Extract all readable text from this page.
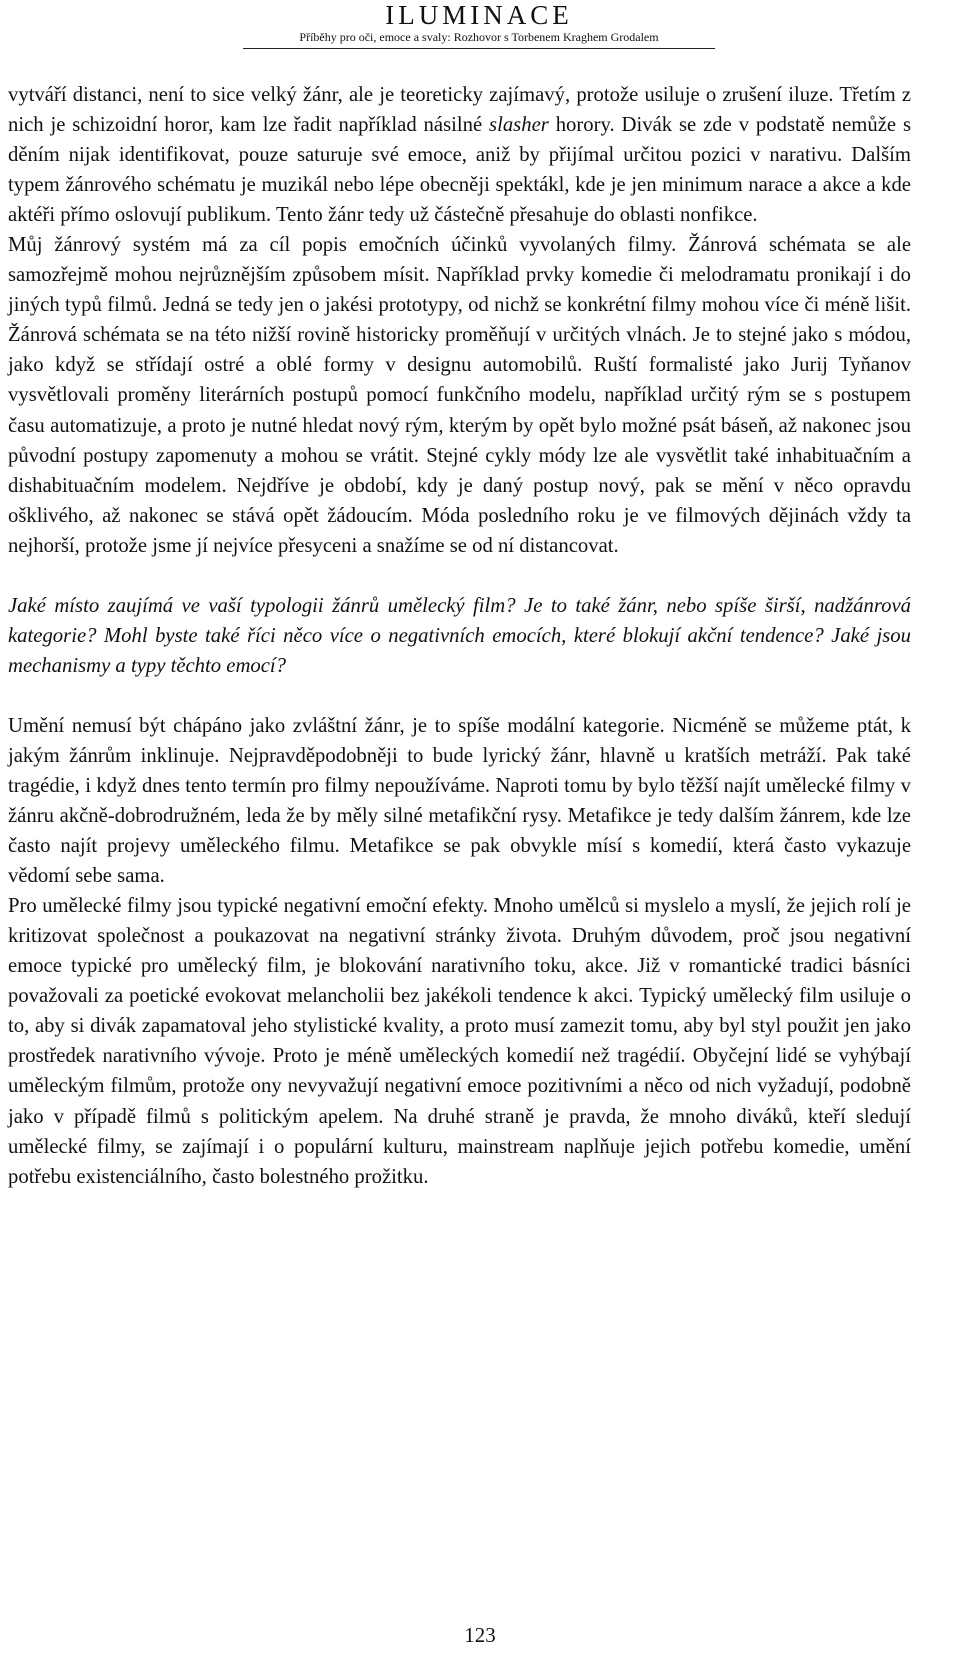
ILUMINACE
Příběhy pro oči, emoce a svaly: Rozhovor s Torbenem Kraghem Grodalem

vytváří distanci, není to sice velký žánr, ale je teoreticky zajímavý, protože usiluje o zrušení iluze. Třetím z nich je schizoidní horor, kam lze řadit například násilné slasher horory. Divák se zde v podstatě nemůže s děním nijak identifikovat, pouze saturuje své emoce, aniž by přijímal určitou pozici v narativu. Dalším typem žánrového schématu je muzikál nebo lépe obecněji spektákl, kde je jen minimum narace a akce a kde aktéři přímo oslovují publikum. Tento žánr tedy už částečně přesahuje do oblasti nonfikce.

Můj žánrový systém má za cíl popis emočních účinků vyvolaných filmy. Žánrová schémata se ale samozřejmě mohou nejrůznějším způsobem mísit. Například prvky komedie či melodramatu pronikají i do jiných typů filmů. Jedná se tedy jen o jakési prototypy, od nichž se konkrétní filmy mohou více či méně lišit. Žánrová schémata se na této nižší rovině historicky proměňují v určitých vlnách. Je to stejné jako s módou, jako když se střídají ostré a oblé formy v designu automobilů. Ruští formalisté jako Jurij Tyňanov vysvětlovali proměny literárních postupů pomocí funkčního modelu, například určitý rým se s postupem času automatizuje, a proto je nutné hledat nový rým, kterým by opět bylo možné psát báseň, až nakonec jsou původní postupy zapomenuty a mohou se vrátit. Stejné cykly módy lze ale vysvětlit také inhabituačním a dishabituačním modelem. Nejdříve je období, kdy je daný postup nový, pak se mění v něco opravdu ošklivého, až nakonec se stává opět žádoucím. Móda posledního roku je ve filmových dějinách vždy ta nejhorší, protože jsme jí nejvíce přesyceni a snažíme se od ní distancovat.

Jaké místo zaujímá ve vaší typologii žánrů umělecký film? Je to také žánr, nebo spíše širší, nadžánrová kategorie? Mohl byste také říci něco více o negativních emocích, které blokují akční tendence? Jaké jsou mechanismy a typy těchto emocí?

Umění nemusí být chápáno jako zvláštní žánr, je to spíše modální kategorie. Nicméně se můžeme ptát, k jakým žánrům inklinuje. Nejpravděpodobněji to bude lyrický žánr, hlavně u kratších metráží. Pak také tragédie, i když dnes tento termín pro filmy nepoužíváme. Naproti tomu by bylo těžší najít umělecké filmy v žánru akčně-dobrodružném, leda že by měly silné metafikční rysy. Metafikce je tedy dalším žánrem, kde lze často najít projevy uměleckého filmu. Metafikce se pak obvykle mísí s komedií, která často vykazuje vědomí sebe sama.

Pro umělecké filmy jsou typické negativní emoční efekty. Mnoho umělců si myslelo a myslí, že jejich rolí je kritizovat společnost a poukazovat na negativní stránky života. Druhým důvodem, proč jsou negativní emoce typické pro umělecký film, je blokování narativního toku, akce. Již v romantické tradici básníci považovali za poetické evokovat melancholii bez jakékoli tendence k akci. Typický umělecký film usiluje o to, aby si divák zapamatoval jeho stylistické kvality, a proto musí zamezit tomu, aby byl styl použit jen jako prostředek narativního vývoje. Proto je méně uměleckých komedií než tragédií. Obyčejní lidé se vyhýbají uměleckým filmům, protože ony nevyvažují negativní emoce pozitivními a něco od nich vyžadují, podobně jako v případě filmů s politickým apelem. Na druhé straně je pravda, že mnoho diváků, kteří sledují umělecké filmy, se zajímají i o populární kulturu, mainstream naplňuje jejich potřebu komedie, umění potřebu existenciálního, často bolestného prožitku.

123
